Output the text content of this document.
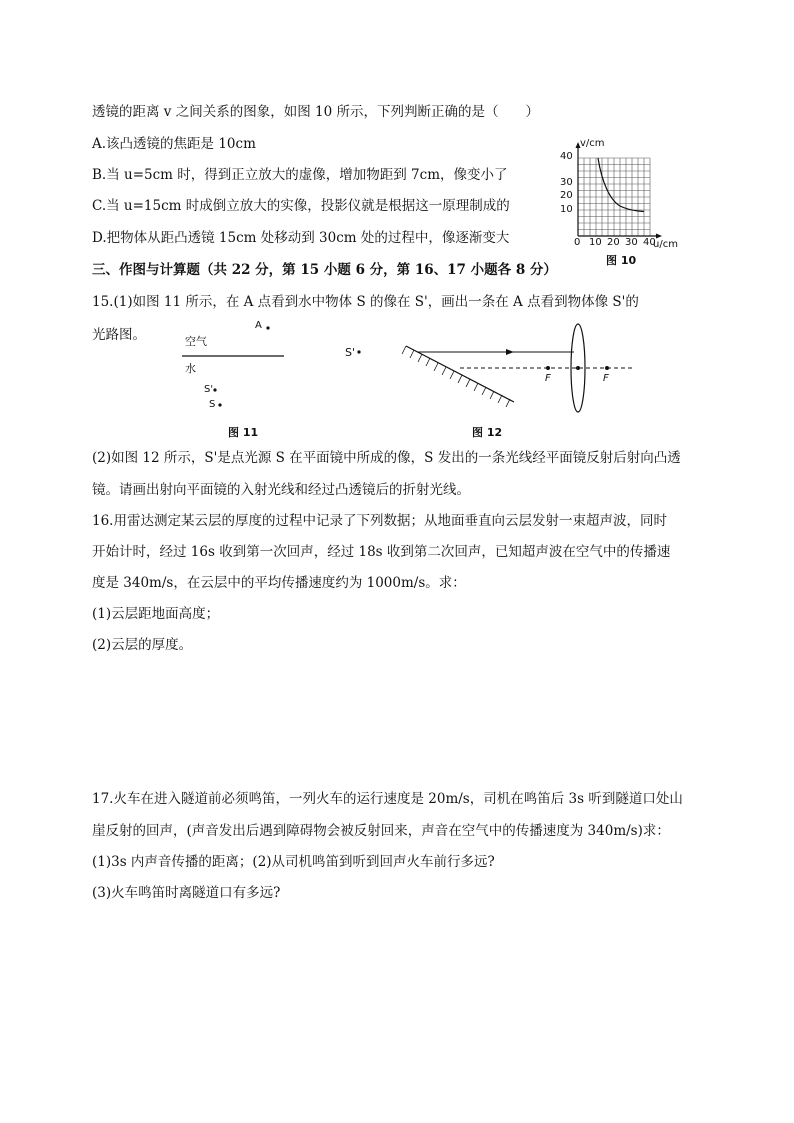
透镜的距离 v 之间关系的图象，如图 10 所示，下列判断正确的是（　　）
A.该凸透镜的焦距是 10cm
B.当 u=5cm 时，得到正立放大的虚像，增加物距到 7cm，像变小了
C.当 u=15cm 时成倒立放大的实像，投影仪就是根据这一原理制成的
D.把物体从距凸透镜 15cm 处移动到 30cm 处的过程中，像逐渐变大
v/cm
40
30
20
10
0 10 20 30 40
u/cm
图 10
三、作图与计算题（共 22 分，第 15 小题 6 分，第 16、17 小题各 8 分）
15.(1)如图 11 所示，在 A 点看到水中物体 S 的像在 S'，画出一条在 A 点看到物体像 S'的
光路图。	空气
水
A
S'
S
图 11
S'
F	F
图 12
(2)如图 12 所示，S'是点光源 S 在平面镜中所成的像，S 发出的一条光线经平面镜反射后射向凸透
镜。请画出射向平面镜的入射光线和经过凸透镜后的折射光线。
16.用雷达测定某云层的厚度的过程中记录了下列数据；从地面垂直向云层发射一束超声波，同时
开始计时，经过 16s 收到第一次回声，经过 18s 收到第二次回声，已知超声波在空气中的传播速
度是 340m/s，在云层中的平均传播速度约为 1000m/s。求：
(1)云层距地面高度；
(2)云层的厚度。
17.火车在进入隧道前必须鸣笛，一列火车的运行速度是 20m/s，司机在鸣笛后 3s 听到隧道口处山
崖反射的回声，(声音发出后遇到障碍物会被反射回来，声音在空气中的传播速度为 340m/s)求：
(1)3s 内声音传播的距离；(2)从司机鸣笛到听到回声火车前行多远?
(3)火车鸣笛时离隧道口有多远?
